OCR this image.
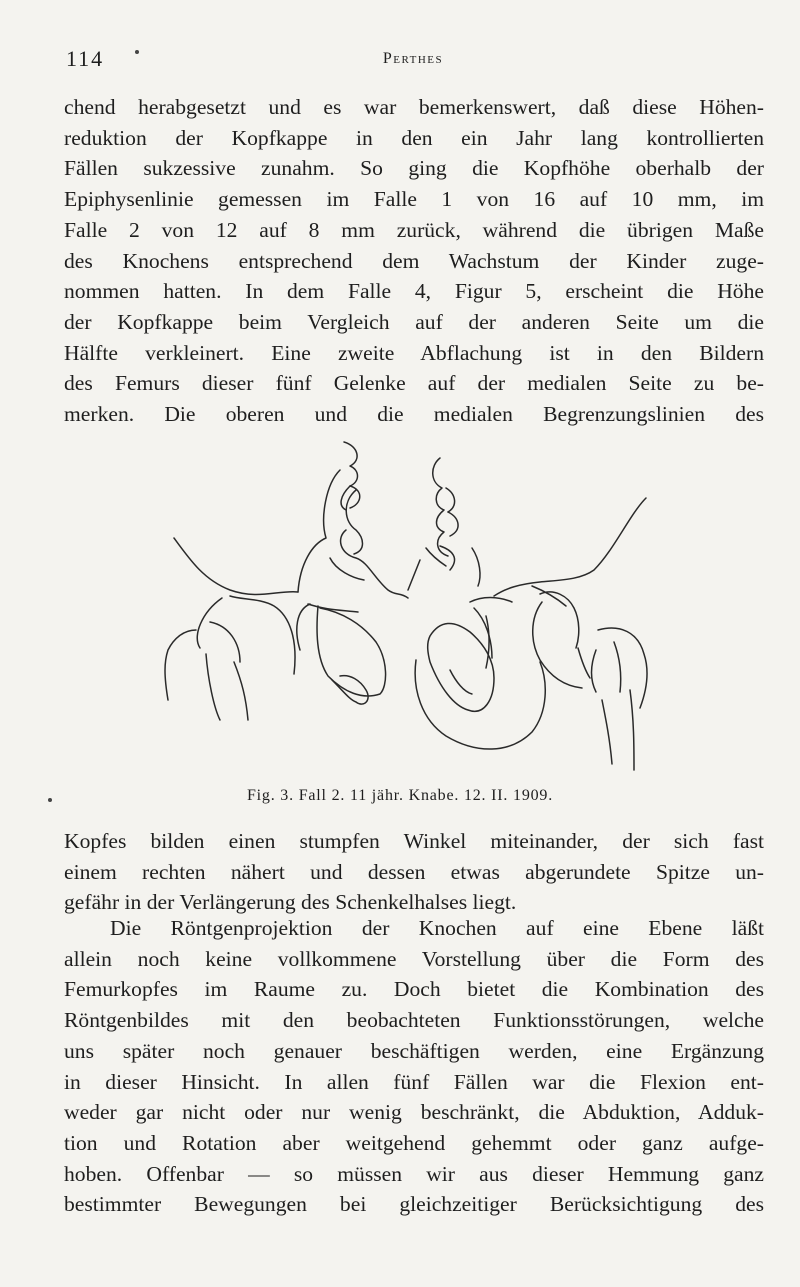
114	Perthes
chend herabgesetzt und es war bemerkenswert, daß diese Höhen-
reduktion der Kopfkappe in den ein Jahr lang kontrollierten
Fällen sukzessive zunahm. So ging die Kopfhöhe oberhalb der
Epiphysenlinie gemessen im Falle 1 von 16 auf 10 mm, im
Falle 2 von 12 auf 8 mm zurück, während die übrigen Maße
des Knochens entsprechend dem Wachstum der Kinder zuge-
nommen hatten. In dem Falle 4, Figur 5, erscheint die Höhe
der Kopfkappe beim Vergleich auf der anderen Seite um die
Hälfte verkleinert. Eine zweite Abflachung ist in den Bildern
des Femurs dieser fünf Gelenke auf der medialen Seite zu be-
merken. Die oberen und die medialen Begrenzungslinien des
Fig. 3. Fall 2. 11 jähr. Knabe. 12. II. 1909.
Kopfes bilden einen stumpfen Winkel miteinander, der sich fast
einem rechten nähert und dessen etwas abgerundete Spitze un-
gefähr in der Verlängerung des Schenkelhalses liegt.
Die Röntgenprojektion der Knochen auf eine Ebene läßt
allein noch keine vollkommene Vorstellung über die Form des
Femurkopfes im Raume zu. Doch bietet die Kombination des
Röntgenbildes mit den beobachteten Funktionsstörungen, welche
uns später noch genauer beschäftigen werden, eine Ergänzung
in dieser Hinsicht. In allen fünf Fällen war die Flexion ent-
weder gar nicht oder nur wenig beschränkt, die Abduktion, Adduk-
tion und Rotation aber weitgehend gehemmt oder ganz aufge-
hoben. Offenbar — so müssen wir aus dieser Hemmung ganz
bestimmter Bewegungen bei gleichzeitiger Berücksichtigung des
